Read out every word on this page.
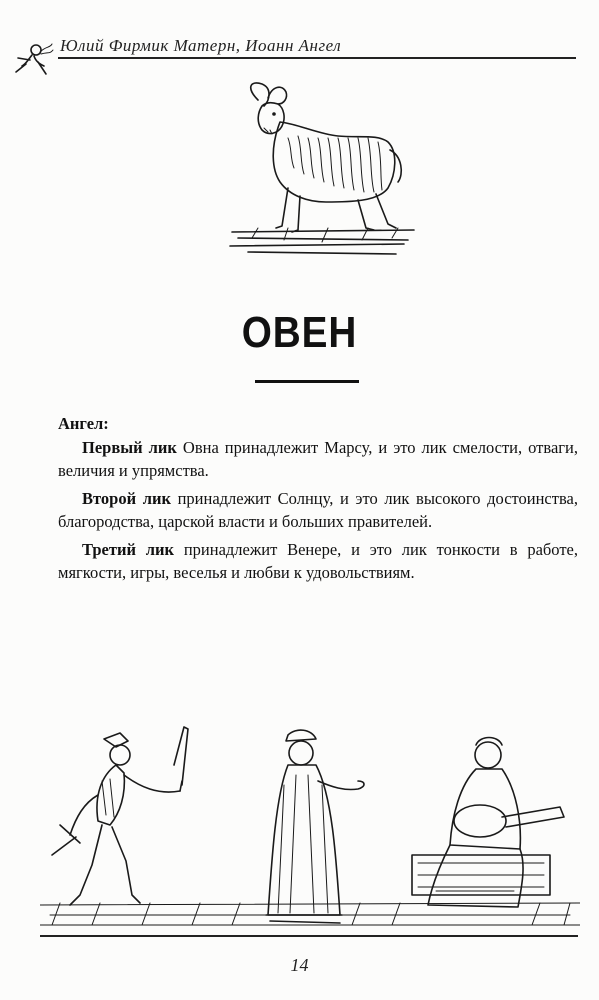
Юлий Фирмик Матерн, Иоанн Ангел
ОВЕН

Ангел:

Первый лик Овна принадлежит Марсу, и это лик смелости, отваги, величия и упрямства.

Второй лик принадлежит Солнцу, и это лик высокого достоинства, благородства, царской власти и больших правителей.

Третий лик принадлежит Венере, и это лик тонкости в работе, мягкости, игры, веселья и любви к удовольствиям.

14
